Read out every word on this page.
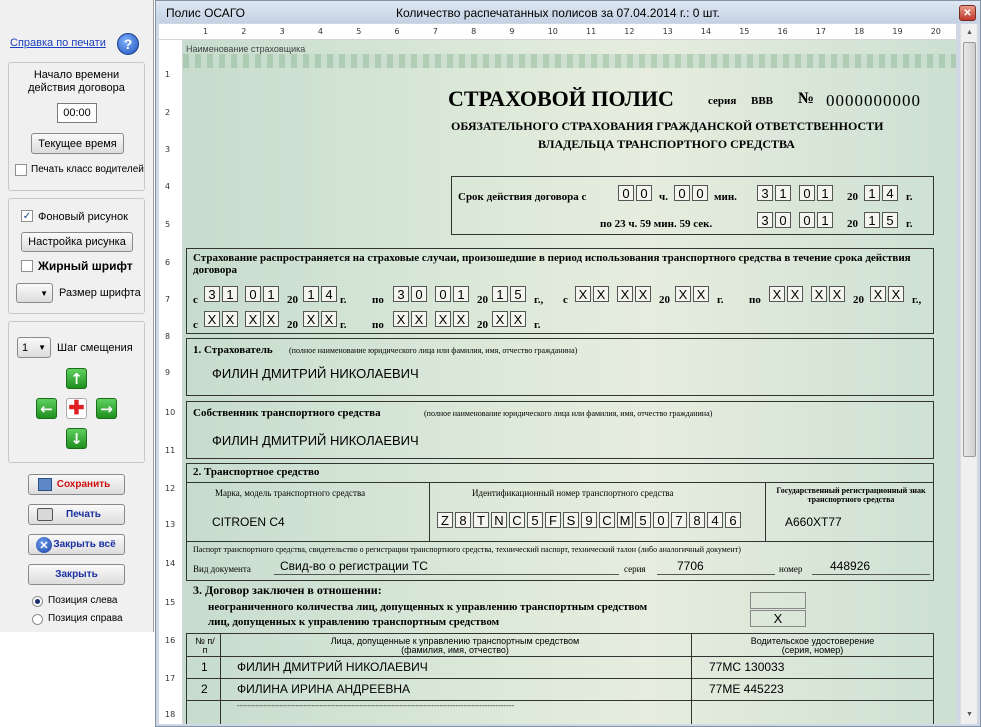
Справка по печати	?
Начало времени действия договора
00:00
Текущее время
Печать класс водителей
✓ Фоновый рисунок
Настройка рисунка
Жирный шрифт
▼	Размер шрифта
1 ▼ Шаг смещения
↑
← ✚ →
↓
Сохранить
Печать
✕ Закрыть всё
Закрыть
Позиция слева
Позиция справа
Полис ОСАГО	Количество распечатанных полисов за 07.04.2014 г.: 0 шт.	✕
1	2	3	4	5	6	7	8	9	10	11	12	13	14	15	16	17	18	19	20
1
2
3
4
5
6
7
8
9
10
11
12
13
14
15
16
17
18
Наименование страховщика
СТРАХОВОЙ ПОЛИС	серия ВВВ № 0000000000
ОБЯЗАТЕЛЬНОГО СТРАХОВАНИЯ ГРАЖДАНСКОЙ ОТВЕТСТВЕННОСТИ
ВЛАДЕЛЬЦА ТРАНСПОРТНОГО СРЕДСТВА
Срок действия договора с	0 0	ч. 0 0 мин.	3 1	0 1	20 1 4	г.
по 23 ч. 59 мин. 59 сек.	3 0	0 1	20 1 5	г.
Страхование распространяется на страховые случаи, произошедшие в период использования транспортного средства в течение срока действия договора
с 3 1	0 1	20 1 4 г. по	3 0	0 1	20 1 5	г., с X X X X	20 X X	г. по X X X X	20 X X	г.,
с X X X X	20 X X г. по X X X X	20 X X	г.
1. Страхователь (полное наименование юридического лица или фамилия, имя, отчество гражданина)
ФИЛИН ДМИТРИЙ НИКОЛАЕВИЧ
Собственник транспортного средства	(полное наименование юридического лица или фамилия, имя, отчество гражданина)
ФИЛИН ДМИТРИЙ НИКОЛАЕВИЧ
2. Транспортное средство
Марка, модель транспортного средства	Идентификационный номер транспортного средства	Государственный регистрационный знак транспортного средства
CITROEN C4	Z 8 T N C 5 F S 9 C M 5 0 7 8 4 6	А660ХТ77
Паспорт транспортного средства, свидетельство о регистрации транспортного средства, технический паспорт, технический талон (либо аналогичный документ)
Вид документа Свид-во о регистрации ТС	серия	7706	номер 448926
3. Договор заключен в отношении:
неограниченного количества лиц, допущенных к управлению транспортным средством
лиц, допущенных к управлению транспортным средством	X
№ п/п
Лица, допущенные к управлению транспортным средством
(фамилия, имя, отчество)
Водительское удостоверение
(серия, номер)
1 ФИЛИН ДМИТРИЙ НИКОЛАЕВИЧ	77МС 130033
2 ФИЛИНА ИРИНА АНДРЕЕВНА	77МЕ 445223
--------------------------------------------------------------------------------------------------------
▲
▼
